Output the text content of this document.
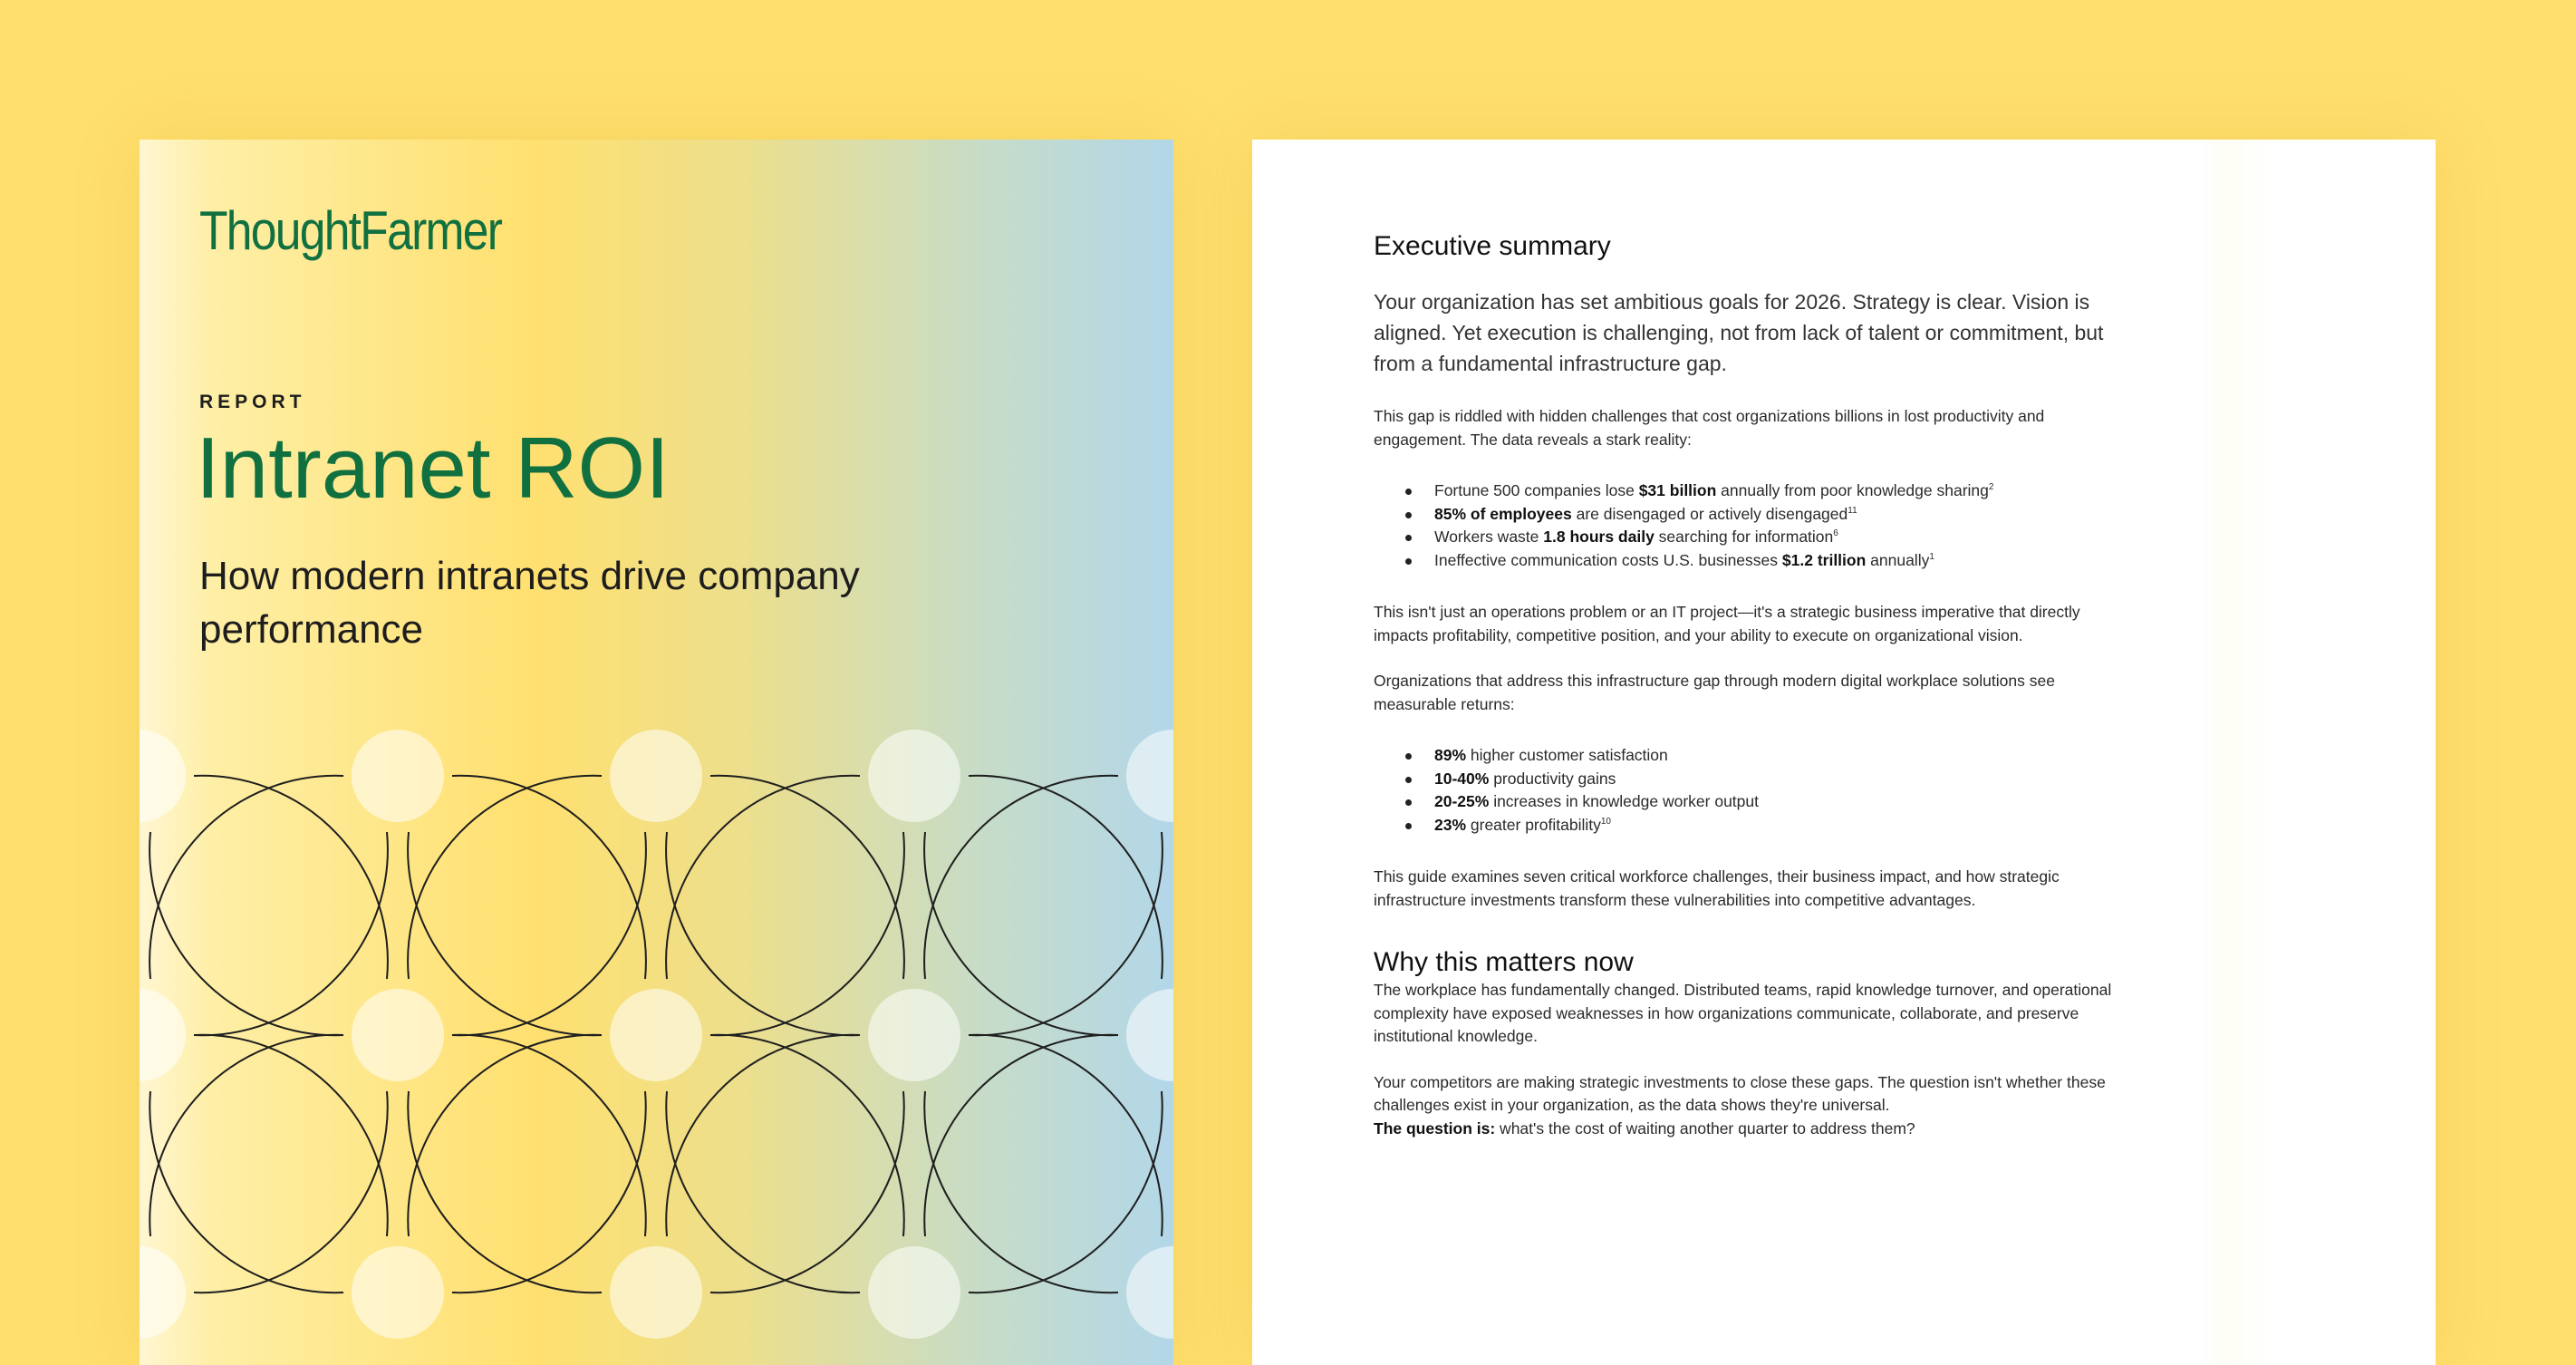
ThoughtFarmer
REPORT
Intranet ROI

How modern intranets drive company performance

Executive summary

Your organization has set ambitious goals for 2026. Strategy is clear. Vision is aligned. Yet execution is challenging, not from lack of talent or commitment, but from a fundamental infrastructure gap.

This gap is riddled with hidden challenges that cost organizations billions in lost productivity and engagement. The data reveals a stark reality:

Fortune 500 companies lose $31 billion annually from poor knowledge sharing$^2$
85% of employees are disengaged or actively disengaged$^{11}$
Workers waste 1.8 hours daily searching for information$^6$
Ineffective communication costs U.S. businesses $1.2 trillion annually$^1$

This isn't just an operations problem or an IT project—it's a strategic business imperative that directly impacts profitability, competitive position, and your ability to execute on organizational vision.

Organizations that address this infrastructure gap through modern digital workplace solutions see measurable returns:

89% higher customer satisfaction
10-40% productivity gains
20-25% increases in knowledge worker output
23% greater profitability$^{10}$

This guide examines seven critical workforce challenges, their business impact, and how strategic infrastructure investments transform these vulnerabilities into competitive advantages.

Why this matters now

The workplace has fundamentally changed. Distributed teams, rapid knowledge turnover, and operational complexity have exposed weaknesses in how organizations communicate, collaborate, and preserve institutional knowledge.

Your competitors are making strategic investments to close these gaps. The question isn't whether these challenges exist in your organization, as the data shows they're universal.
The question is: what's the cost of waiting another quarter to address them?
